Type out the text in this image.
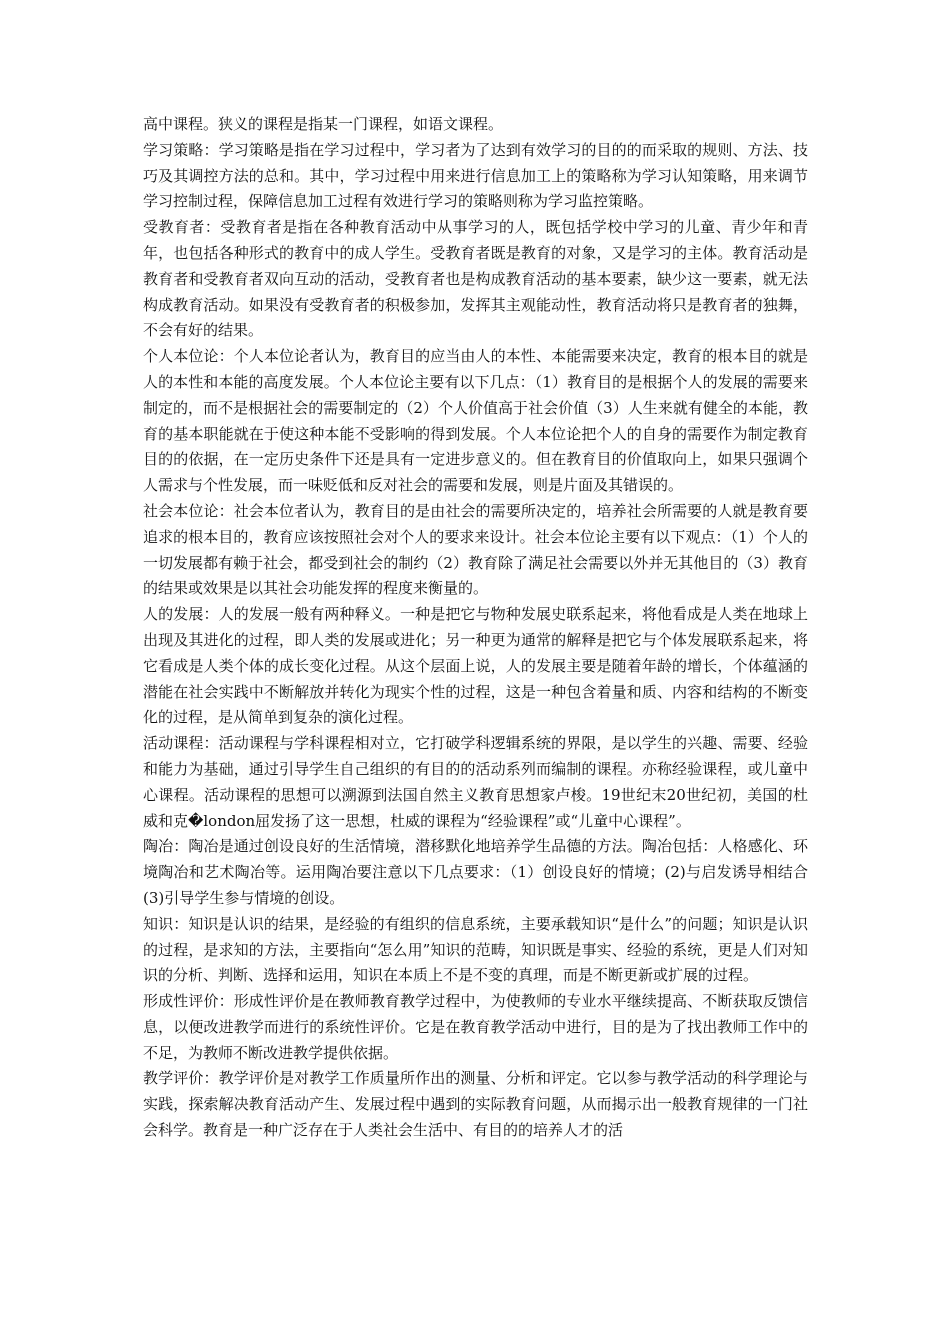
高中课程。狭义的课程是指某一门课程，如语文课程。

学习策略：学习策略是指在学习过程中，学习者为了达到有效学习的目的的而采取的规则、方法、技巧及其调控方法的总和。其中，学习过程中用来进行信息加工上的策略称为学习认知策略，用来调节学习控制过程，保障信息加工过程有效进行学习的策略则称为学习监控策略。

受教育者：受教育者是指在各种教育活动中从事学习的人，既包括学校中学习的儿童、青少年和青年，也包括各种形式的教育中的成人学生。受教育者既是教育的对象，又是学习的主体。教育活动是教育者和受教育者双向互动的活动，受教育者也是构成教育活动的基本要素，缺少这一要素，就无法构成教育活动。如果没有受教育者的积极参加，发挥其主观能动性，教育活动将只是教育者的独舞，不会有好的结果。

个人本位论：个人本位论者认为，教育目的应当由人的本性、本能需要来决定，教育的根本目的就是人的本性和本能的高度发展。个人本位论主要有以下几点：（1）教育目的是根据个人的发展的需要来制定的，而不是根据社会的需要制定的（2）个人价值高于社会价值（3）人生来就有健全的本能，教育的基本职能就在于使这种本能不受影响的得到发展。个人本位论把个人的自身的需要作为制定教育目的的依据，在一定历史条件下还是具有一定进步意义的。但在教育目的价值取向上，如果只强调个人需求与个性发展，而一味贬低和反对社会的需要和发展，则是片面及其错误的。

社会本位论：社会本位者认为，教育目的是由社会的需要所决定的，培养社会所需要的人就是教育要追求的根本目的，教育应该按照社会对个人的要求来设计。社会本位论主要有以下观点：（1）个人的一切发展都有赖于社会，都受到社会的制约（2）教育除了满足社会需要以外并无其他目的（3）教育的结果或效果是以其社会功能发挥的程度来衡量的。

人的发展：人的发展一般有两种释义。一种是把它与物种发展史联系起来，将他看成是人类在地球上出现及其进化的过程，即人类的发展或进化；另一种更为通常的解释是把它与个体发展联系起来，将它看成是人类个体的成长变化过程。从这个层面上说，人的发展主要是随着年龄的增长，个体蕴涵的潜能在社会实践中不断解放并转化为现实个性的过程，这是一种包含着量和质、内容和结构的不断变化的过程，是从简单到复杂的演化过程。

活动课程：活动课程与学科课程相对立，它打破学科逻辑系统的界限，是以学生的兴趣、需要、经验和能力为基础，通过引导学生自己组织的有目的的活动系列而编制的课程。亦称经验课程，或儿童中心课程。活动课程的思想可以溯源到法国自然主义教育思想家卢梭。19世纪末20世纪初，美国的杜威和克�london屈发扬了这一思想，杜威的课程为“经验课程”或“儿童中心课程”。

陶冶：陶冶是通过创设良好的生活情境，潜移默化地培养学生品德的方法。陶冶包括：人格感化、环境陶冶和艺术陶冶等。运用陶冶要注意以下几点要求：（1）创设良好的情境；(2)与启发诱导相结合(3)引导学生参与情境的创设。

知识：知识是认识的结果，是经验的有组织的信息系统，主要承载知识“是什么”的问题；知识是认识的过程，是求知的方法，主要指向“怎么用”知识的范畴，知识既是事实、经验的系统，更是人们对知识的分析、判断、选择和运用，知识在本质上不是不变的真理，而是不断更新或扩展的过程。

形成性评价：形成性评价是在教师教育教学过程中，为使教师的专业水平继续提高、不断获取反馈信息，以便改进教学而进行的系统性评价。它是在教育教学活动中进行，目的是为了找出教师工作中的不足，为教师不断改进教学提供依据。

教学评价：教学评价是对教学工作质量所作出的测量、分析和评定。它以参与教学活动的科学理论与实践，探索解决教育活动产生、发展过程中遇到的实际教育问题，从而揭示出一般教育规律的一门社会科学。教育是一种广泛存在于人类社会生活中、有目的的培养人才的活
